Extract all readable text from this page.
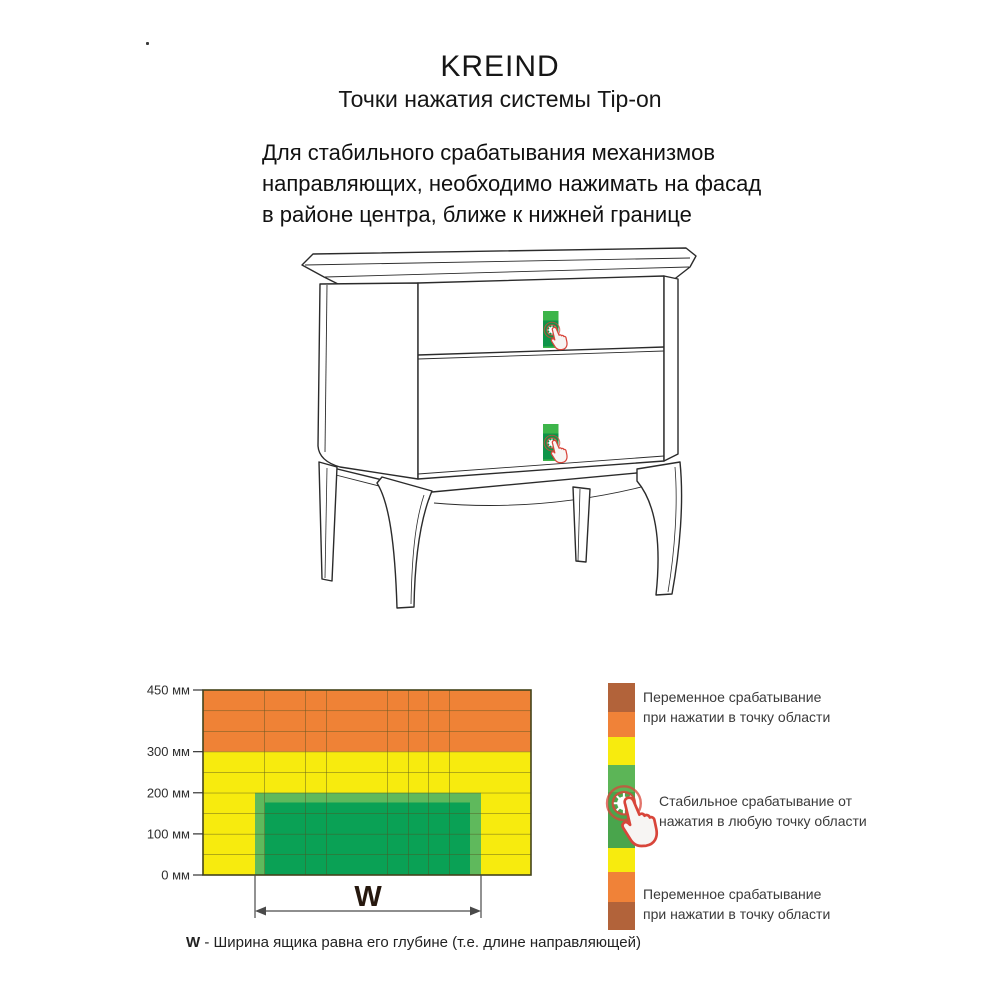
KREIND
Точки нажатия системы Tip-on
Для стабильного срабатывания механизмов
направляющих, необходимо нажимать на фасад
в районе центра, ближе к нижней границе
450 мм
300 мм
200 мм
100 мм
0 мм
W
Переменное срабатывание
при нажатии в точку области
Стабильное срабатывание от
нажатия в любую точку области
Переменное срабатывание
при нажатии в точку области
W - Ширина ящика равна его глубине (т.е. длине направляющей)
